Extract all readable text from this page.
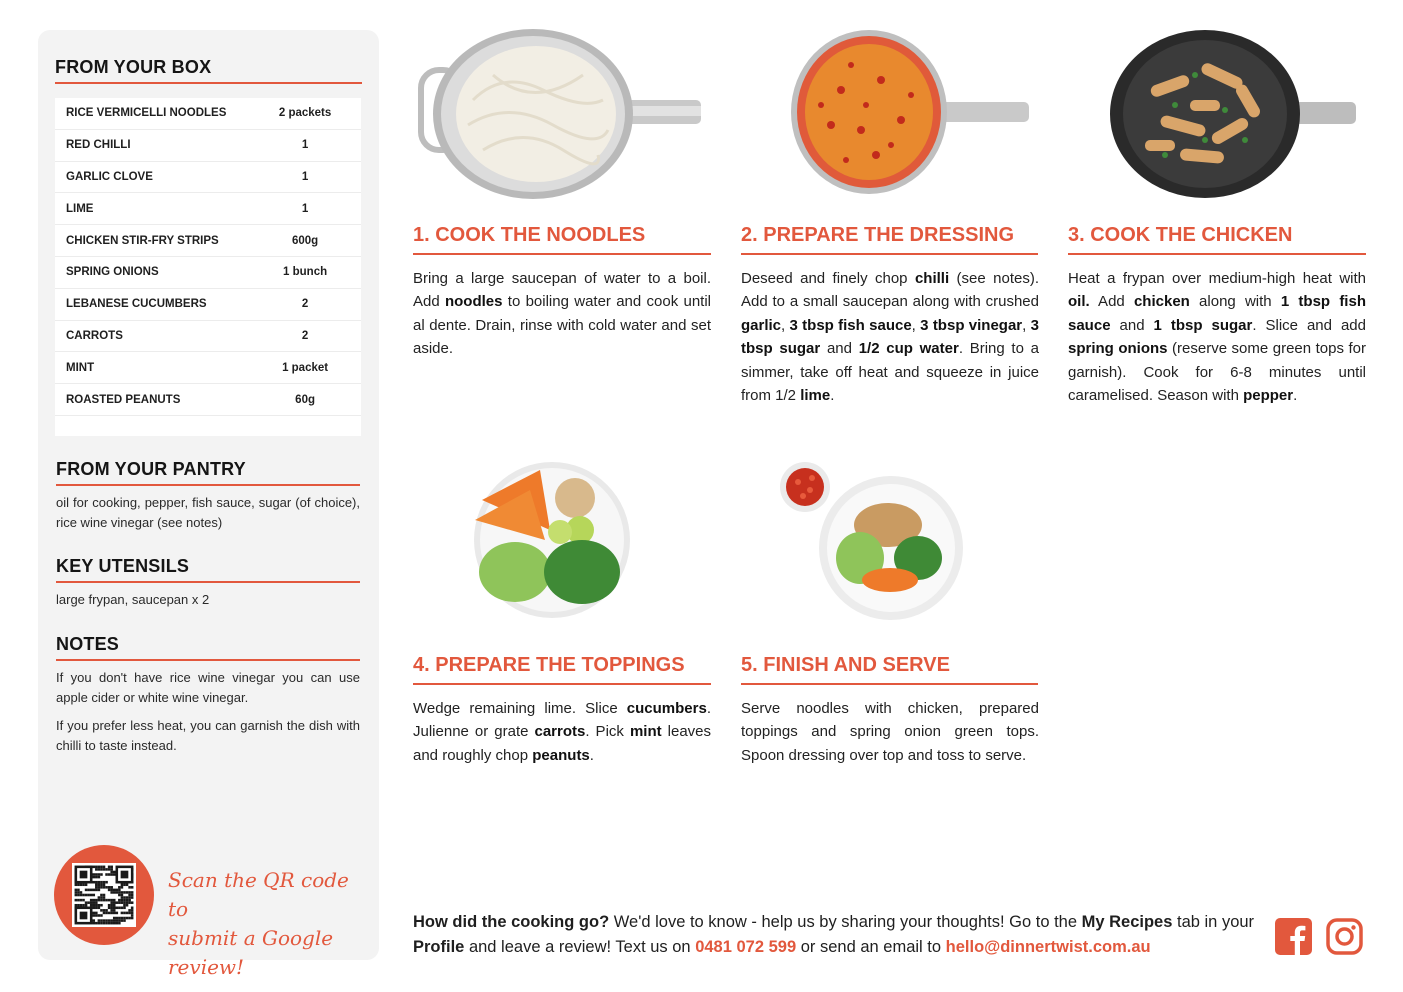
FROM YOUR BOX
RICE VERMICELLI NOODLES	2 packets
RED CHILLI	1
GARLIC CLOVE	1
LIME	1
CHICKEN STIR-FRY STRIPS	600g
SPRING ONIONS	1 bunch
LEBANESE CUCUMBERS	2
CARROTS	2
MINT	1 packet
ROASTED PEANUTS	60g
FROM YOUR PANTRY
oil for cooking, pepper, fish sauce, sugar (of choice), rice wine vinegar (see notes)
KEY UTENSILS
large frypan, saucepan x 2
NOTES
If you don't have rice wine vinegar you can use apple cider or white wine vinegar.
If you prefer less heat, you can garnish the dish with chilli to taste instead.
Scan the QR code to
submit a Google review!
1. COOK THE NOODLES
Bring a large saucepan of water to a boil. Add noodles to boiling water and cook until al dente. Drain, rinse with cold water and set aside.
2. PREPARE THE DRESSING
Deseed and finely chop chilli (see notes). Add to a small saucepan along with crushed garlic, 3 tbsp fish sauce, 3 tbsp vinegar, 3 tbsp sugar and 1/2 cup water. Bring to a simmer, take off heat and squeeze in juice from 1/2 lime.
3. COOK THE CHICKEN
Heat a frypan over medium-high heat with oil. Add chicken along with 1 tbsp fish sauce and 1 tbsp sugar. Slice and add spring onions (reserve some green tops for garnish). Cook for 6-8 minutes until caramelised. Season with pepper.
4. PREPARE THE TOPPINGS
Wedge remaining lime. Slice cucumbers. Julienne or grate carrots. Pick mint leaves and roughly chop peanuts.
5. FINISH AND SERVE
Serve noodles with chicken, prepared toppings and spring onion green tops. Spoon dressing over top and toss to serve.
How did the cooking go? We'd love to know - help us by sharing your thoughts! Go to the My Recipes tab in your Profile and leave a review! Text us on 0481 072 599 or send an email to hello@dinnertwist.com.au
